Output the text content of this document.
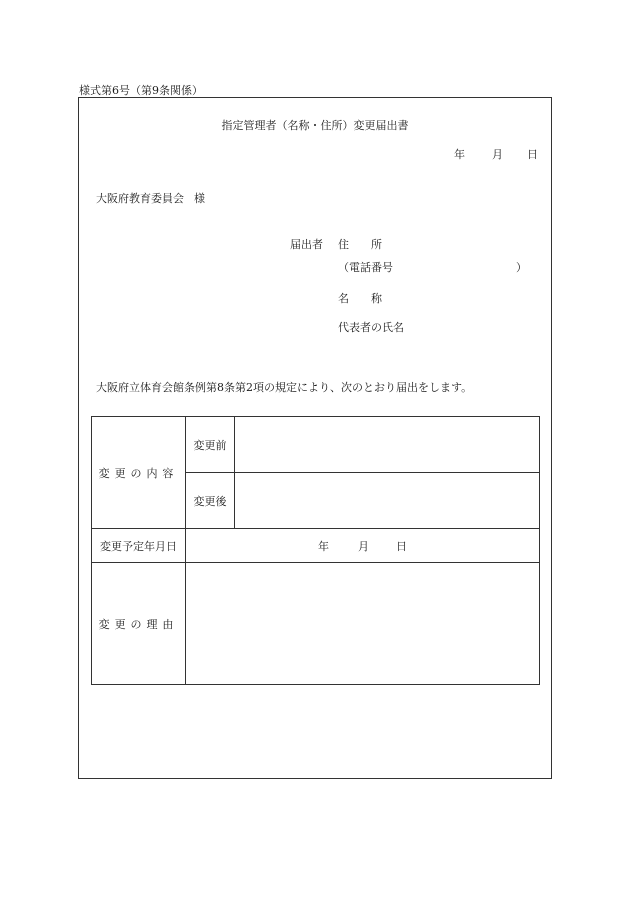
様式第6号（第9条関係）
指定管理者（名称・住所）変更届出書
年 月 日
大阪府教育委員会 様
届出者 住　　所
（電話番号	）
名　　称
代表者の氏名
大阪府立体育会館条例第8条第2項の規定により、次のとおり届出をします。
変更の内容	変更前	
	変更後	
変更予定年月日	年 月 日	
変更の理由		
